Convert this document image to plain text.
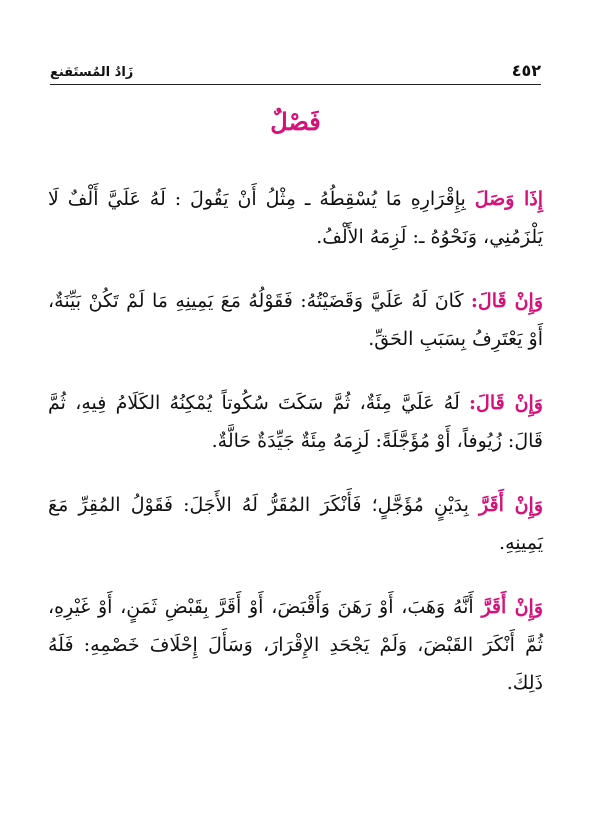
٤٥٢
زَادُ المُستَقنع
فَصْلٌ

إِذَا وَصَلَ بِإِقْرَارِهِ مَا يُسْقِطُهُ ـ مِثْلُ أَنْ يَقُولَ : لَهُ عَلَيَّ أَلْفٌ لَا يَلْزَمُنِي، وَنَحْوُهُ ـ: لَزِمَهُ الأَلْفُ.

وَإِنْ قَالَ: كَانَ لَهُ عَلَيَّ وَقَضَيْتُهُ: فَقَوْلُهُ مَعَ يَمِينِهِ مَا لَمْ تَكُنْ بَيِّنَةٌ، أَوْ يَعْتَرِفُ بِسَبَبِ الحَقِّ.

وَإِنْ قَالَ: لَهُ عَلَيَّ مِئَةٌ، ثُمَّ سَكَتَ سُكُوتاً يُمْكِنُهُ الكَلَامُ فِيهِ، ثُمَّ قَالَ: زُيُوفاً، أَوْ مُؤَجَّلَةً: لَزِمَهُ مِئَةٌ جَيِّدَةٌ حَالَّةٌ.

وَإِنْ أَقَرَّ بِدَيْنٍ مُؤَجَّلٍ؛ فَأَنْكَرَ المُقَرُّ لَهُ الأَجَلَ: فَقَوْلُ المُقِرِّ مَعَ يَمِينِهِ.

وَإِنْ أَقَرَّ أَنَّهُ وَهَبَ، أَوْ رَهَنَ وَأَقْبَضَ، أَوْ أَقَرَّ بِقَبْضِ ثَمَنٍ، أَوْ غَيْرِهِ، ثُمَّ أَنْكَرَ القَبْضَ، وَلَمْ يَجْحَدِ الإِقْرَارَ، وَسَأَلَ إِحْلَافَ خَصْمِهِ: فَلَهُ ذَلِكَ.
